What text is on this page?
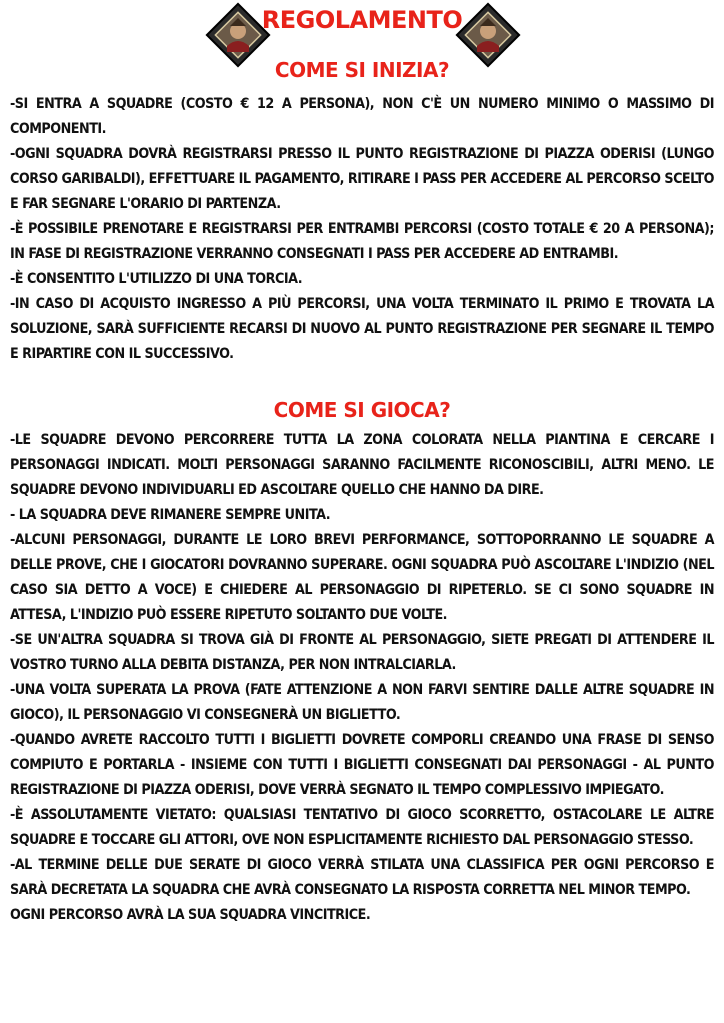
REGOLAMENTO
COME SI INIZIA?

-SI ENTRA A SQUADRE (COSTO € 12 A PERSONA), NON C'È UN NUMERO MINIMO O MASSIMO DI COMPONENTI.

-OGNI SQUADRA DOVRÀ REGISTRARSI PRESSO IL PUNTO REGISTRAZIONE DI PIAZZA ODERISI (LUNGO CORSO GARIBALDI), EFFETTUARE IL PAGAMENTO, RITIRARE I PASS PER ACCEDERE AL PERCORSO SCELTO E FAR SEGNARE L'ORARIO DI PARTENZA.

-È POSSIBILE PRENOTARE E REGISTRARSI PER ENTRAMBI PERCORSI (COSTO TOTALE € 20 A PERSONA); IN FASE DI REGISTRAZIONE VERRANNO CONSEGNATI I PASS PER ACCEDERE AD ENTRAMBI.

-È CONSENTITO L'UTILIZZO DI UNA TORCIA.

-IN CASO DI ACQUISTO INGRESSO A PIÙ PERCORSI, UNA VOLTA TERMINATO IL PRIMO E TROVATA LA SOLUZIONE, SARÀ SUFFICIENTE RECARSI DI NUOVO AL PUNTO REGISTRAZIONE PER SEGNARE IL TEMPO E RIPARTIRE CON IL SUCCESSIVO.

COME SI GIOCA?

-LE SQUADRE DEVONO PERCORRERE TUTTA LA ZONA COLORATA NELLA PIANTINA E CERCARE I PERSONAGGI INDICATI. MOLTI PERSONAGGI SARANNO FACILMENTE RICONOSCIBILI, ALTRI MENO. LE SQUADRE DEVONO INDIVIDUARLI ED ASCOLTARE QUELLO CHE HANNO DA DIRE.

- LA SQUADRA DEVE RIMANERE SEMPRE UNITA.

-ALCUNI PERSONAGGI, DURANTE LE LORO BREVI PERFORMANCE, SOTTOPORRANNO LE SQUADRE A DELLE PROVE, CHE I GIOCATORI DOVRANNO SUPERARE. OGNI SQUADRA PUÒ ASCOLTARE L'INDIZIO (NEL CASO SIA DETTO A VOCE) E CHIEDERE AL PERSONAGGIO DI RIPETERLO. SE CI SONO SQUADRE IN ATTESA, L'INDIZIO PUÒ ESSERE RIPETUTO SOLTANTO DUE VOLTE.

-SE UN'ALTRA SQUADRA SI TROVA GIÀ DI FRONTE AL PERSONAGGIO, SIETE PREGATI DI ATTENDERE IL VOSTRO TURNO ALLA DEBITA DISTANZA, PER NON INTRALCIARLA.

-UNA VOLTA SUPERATA LA PROVA (FATE ATTENZIONE A NON FARVI SENTIRE DALLE ALTRE SQUADRE IN GIOCO), IL PERSONAGGIO VI CONSEGNERÀ UN BIGLIETTO.

-QUANDO AVRETE RACCOLTO TUTTI I BIGLIETTI DOVRETE COMPORLI CREANDO UNA FRASE DI SENSO COMPIUTO E PORTARLA - INSIEME CON TUTTI I BIGLIETTI CONSEGNATI DAI PERSONAGGI - AL PUNTO REGISTRAZIONE DI PIAZZA ODERISI, DOVE VERRÀ SEGNATO IL TEMPO COMPLESSIVO IMPIEGATO.

-È ASSOLUTAMENTE VIETATO: QUALSIASI TENTATIVO DI GIOCO SCORRETTO, OSTACOLARE LE ALTRE SQUADRE E TOCCARE GLI ATTORI, OVE NON ESPLICITAMENTE RICHIESTO DAL PERSONAGGIO STESSO.

-AL TERMINE DELLE DUE SERATE DI GIOCO VERRÀ STILATA UNA CLASSIFICA PER OGNI PERCORSO E SARÀ DECRETATA LA SQUADRA CHE AVRÀ CONSEGNATO LA RISPOSTA CORRETTA NEL MINOR TEMPO.

OGNI PERCORSO AVRÀ LA SUA SQUADRA VINCITRICE.
